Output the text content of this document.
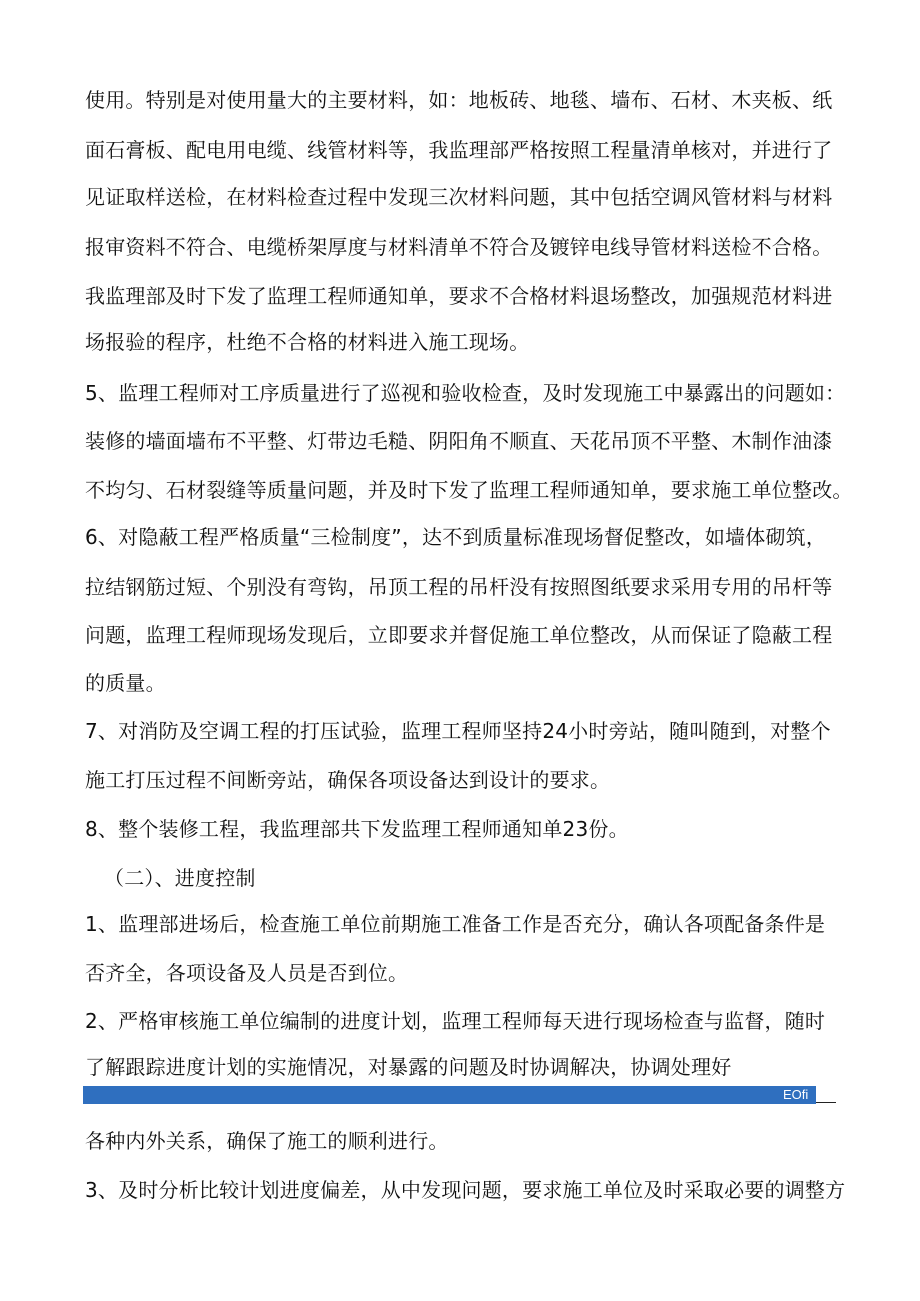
使用。特别是对使用量大的主要材料，如：地板砖、地毯、墙布、石材、木夹板、纸
面石膏板、配电用电缆、线管材料等，我监理部严格按照工程量清单核对，并进行了
见证取样送检，在材料检查过程中发现三次材料问题，其中包括空调风管材料与材料
报审资料不符合、电缆桥架厚度与材料清单不符合及镀锌电线导管材料送检不合格。
我监理部及时下发了监理工程师通知单，要求不合格材料退场整改，加强规范材料进
场报验的程序，杜绝不合格的材料进入施工现场。
5、监理工程师对工序质量进行了巡视和验收检查，及时发现施工中暴露出的问题如：
装修的墙面墙布不平整、灯带边毛糙、阴阳角不顺直、天花吊顶不平整、木制作油漆
不均匀、石材裂缝等质量问题，并及时下发了监理工程师通知单，要求施工单位整改。
6、对隐蔽工程严格质量“三检制度”，达不到质量标准现场督促整改，如墙体砌筑，
拉结钢筋过短、个别没有弯钩，吊顶工程的吊杆没有按照图纸要求采用专用的吊杆等
问题，监理工程师现场发现后，立即要求并督促施工单位整改，从而保证了隐蔽工程
的质量。
7、对消防及空调工程的打压试验，监理工程师坚持24小时旁站，随叫随到，对整个
施工打压过程不间断旁站，确保各项设备达到设计的要求。
8、整个装修工程，我监理部共下发监理工程师通知单23份。
（二）、进度控制
1、监理部进场后，检查施工单位前期施工准备工作是否充分，确认各项配备条件是
否齐全，各项设备及人员是否到位。
2、严格审核施工单位编制的进度计划，监理工程师每天进行现场检查与监督，随时
了解跟踪进度计划的实施情况，对暴露的问题及时协调解决，协调处理好
EOfi
各种内外关系，确保了施工的顺利进行。
3、及时分析比较计划进度偏差，从中发现问题，要求施工单位及时采取必要的调整方
